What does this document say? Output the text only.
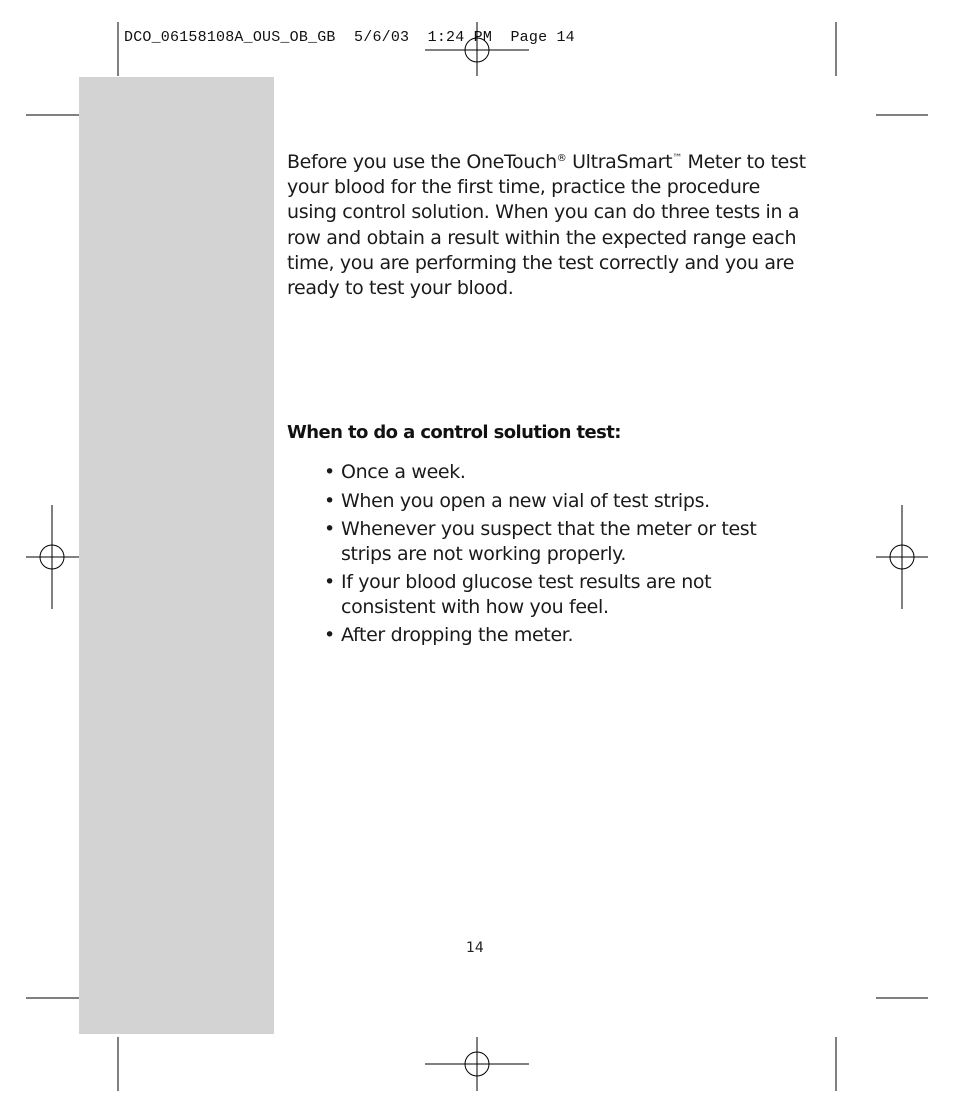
DCO_06158108A_OUS_OB_GB  5/6/03  1:24 PM  Page 14

Before you use the OneTouch® UltraSmart™ Meter to test your blood for the first time, practice the procedure using control solution. When you can do three tests in a row and obtain a result within the expected range each time, you are performing the test correctly and you are ready to test your blood.

When to do a control solution test:
• Once a week.
• When you open a new vial of test strips.
• Whenever you suspect that the meter or test strips are not working properly.
• If your blood glucose test results are not consistent with how you feel.
• After dropping the meter.
14
